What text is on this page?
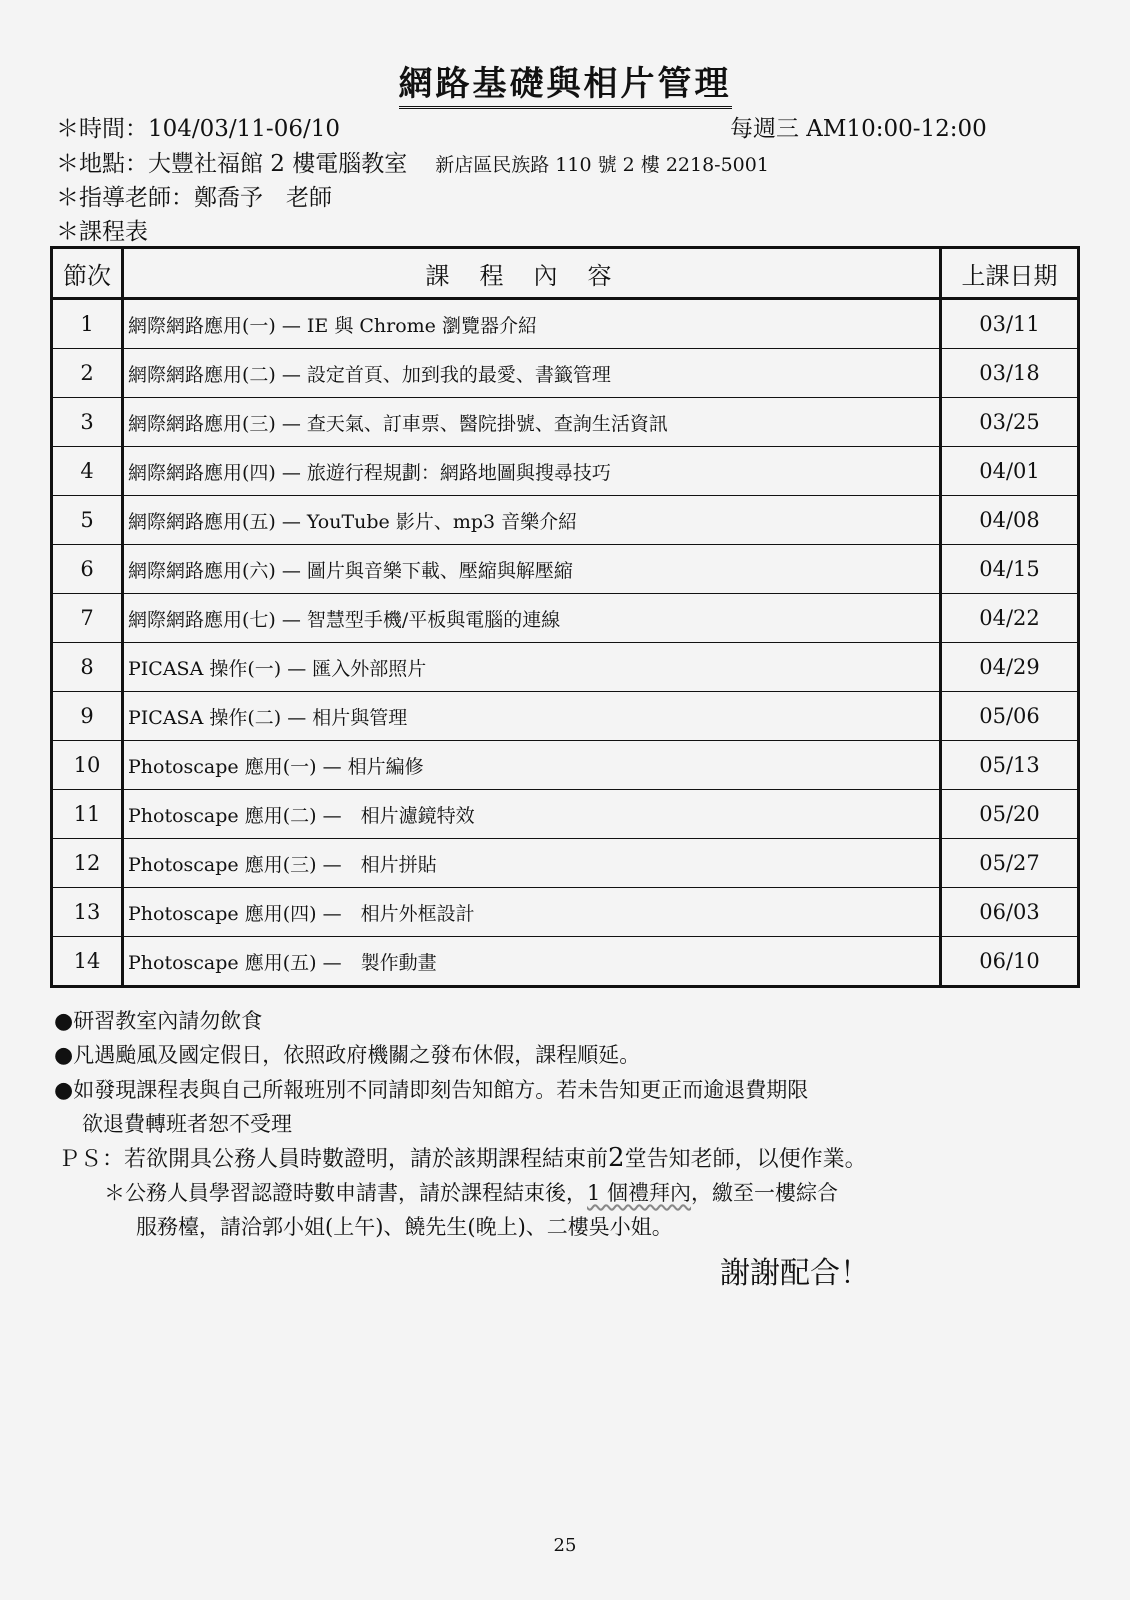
網路基礎與相片管理
＊時間：104/03/11-06/10	每週三 AM10:00-12:00
＊地點：大豐社福館 2 樓電腦教室 新店區民族路 110 號 2 樓 2218-5001
＊指導老師：鄭喬予　老師
＊課程表
節次	課程內容	上課日期
1	網際網路應用(一) — IE 與 Chrome 瀏覽器介紹	03/11
2	網際網路應用(二) — 設定首頁、加到我的最愛、書籤管理	03/18
3	網際網路應用(三) — 查天氣、訂車票、醫院掛號、查詢生活資訊	03/25
4	網際網路應用(四) — 旅遊行程規劃：網路地圖與搜尋技巧	04/01
5	網際網路應用(五) — YouTube 影片、mp3 音樂介紹	04/08
6	網際網路應用(六) — 圖片與音樂下載、壓縮與解壓縮	04/15
7	網際網路應用(七) — 智慧型手機/平板與電腦的連線	04/22
8	PICASA 操作(一) — 匯入外部照片	04/29
9	PICASA 操作(二) — 相片與管理	05/06
10	Photoscape 應用(一) — 相片編修	05/13
11	Photoscape 應用(二) —　相片濾鏡特效	05/20
12	Photoscape 應用(三) —　相片拼貼	05/27
13	Photoscape 應用(四) —　相片外框設計	06/03
14	Photoscape 應用(五) —　製作動畫	06/10
●研習教室內請勿飲食
●凡遇颱風及國定假日，依照政府機關之發布休假，課程順延。
●如發現課程表與自己所報班別不同請即刻告知館方。若未告知更正而逾退費期限
欲退費轉班者恕不受理
ＰＳ：若欲開具公務人員時數證明，請於該期課程結束前2堂告知老師，以便作業。
＊公務人員學習認證時數申請書，請於課程結束後，1 個禮拜內，繳至一樓綜合
服務檯，請洽郭小姐(上午)、饒先生(晚上)、二樓吳小姐。
謝謝配合！
25
